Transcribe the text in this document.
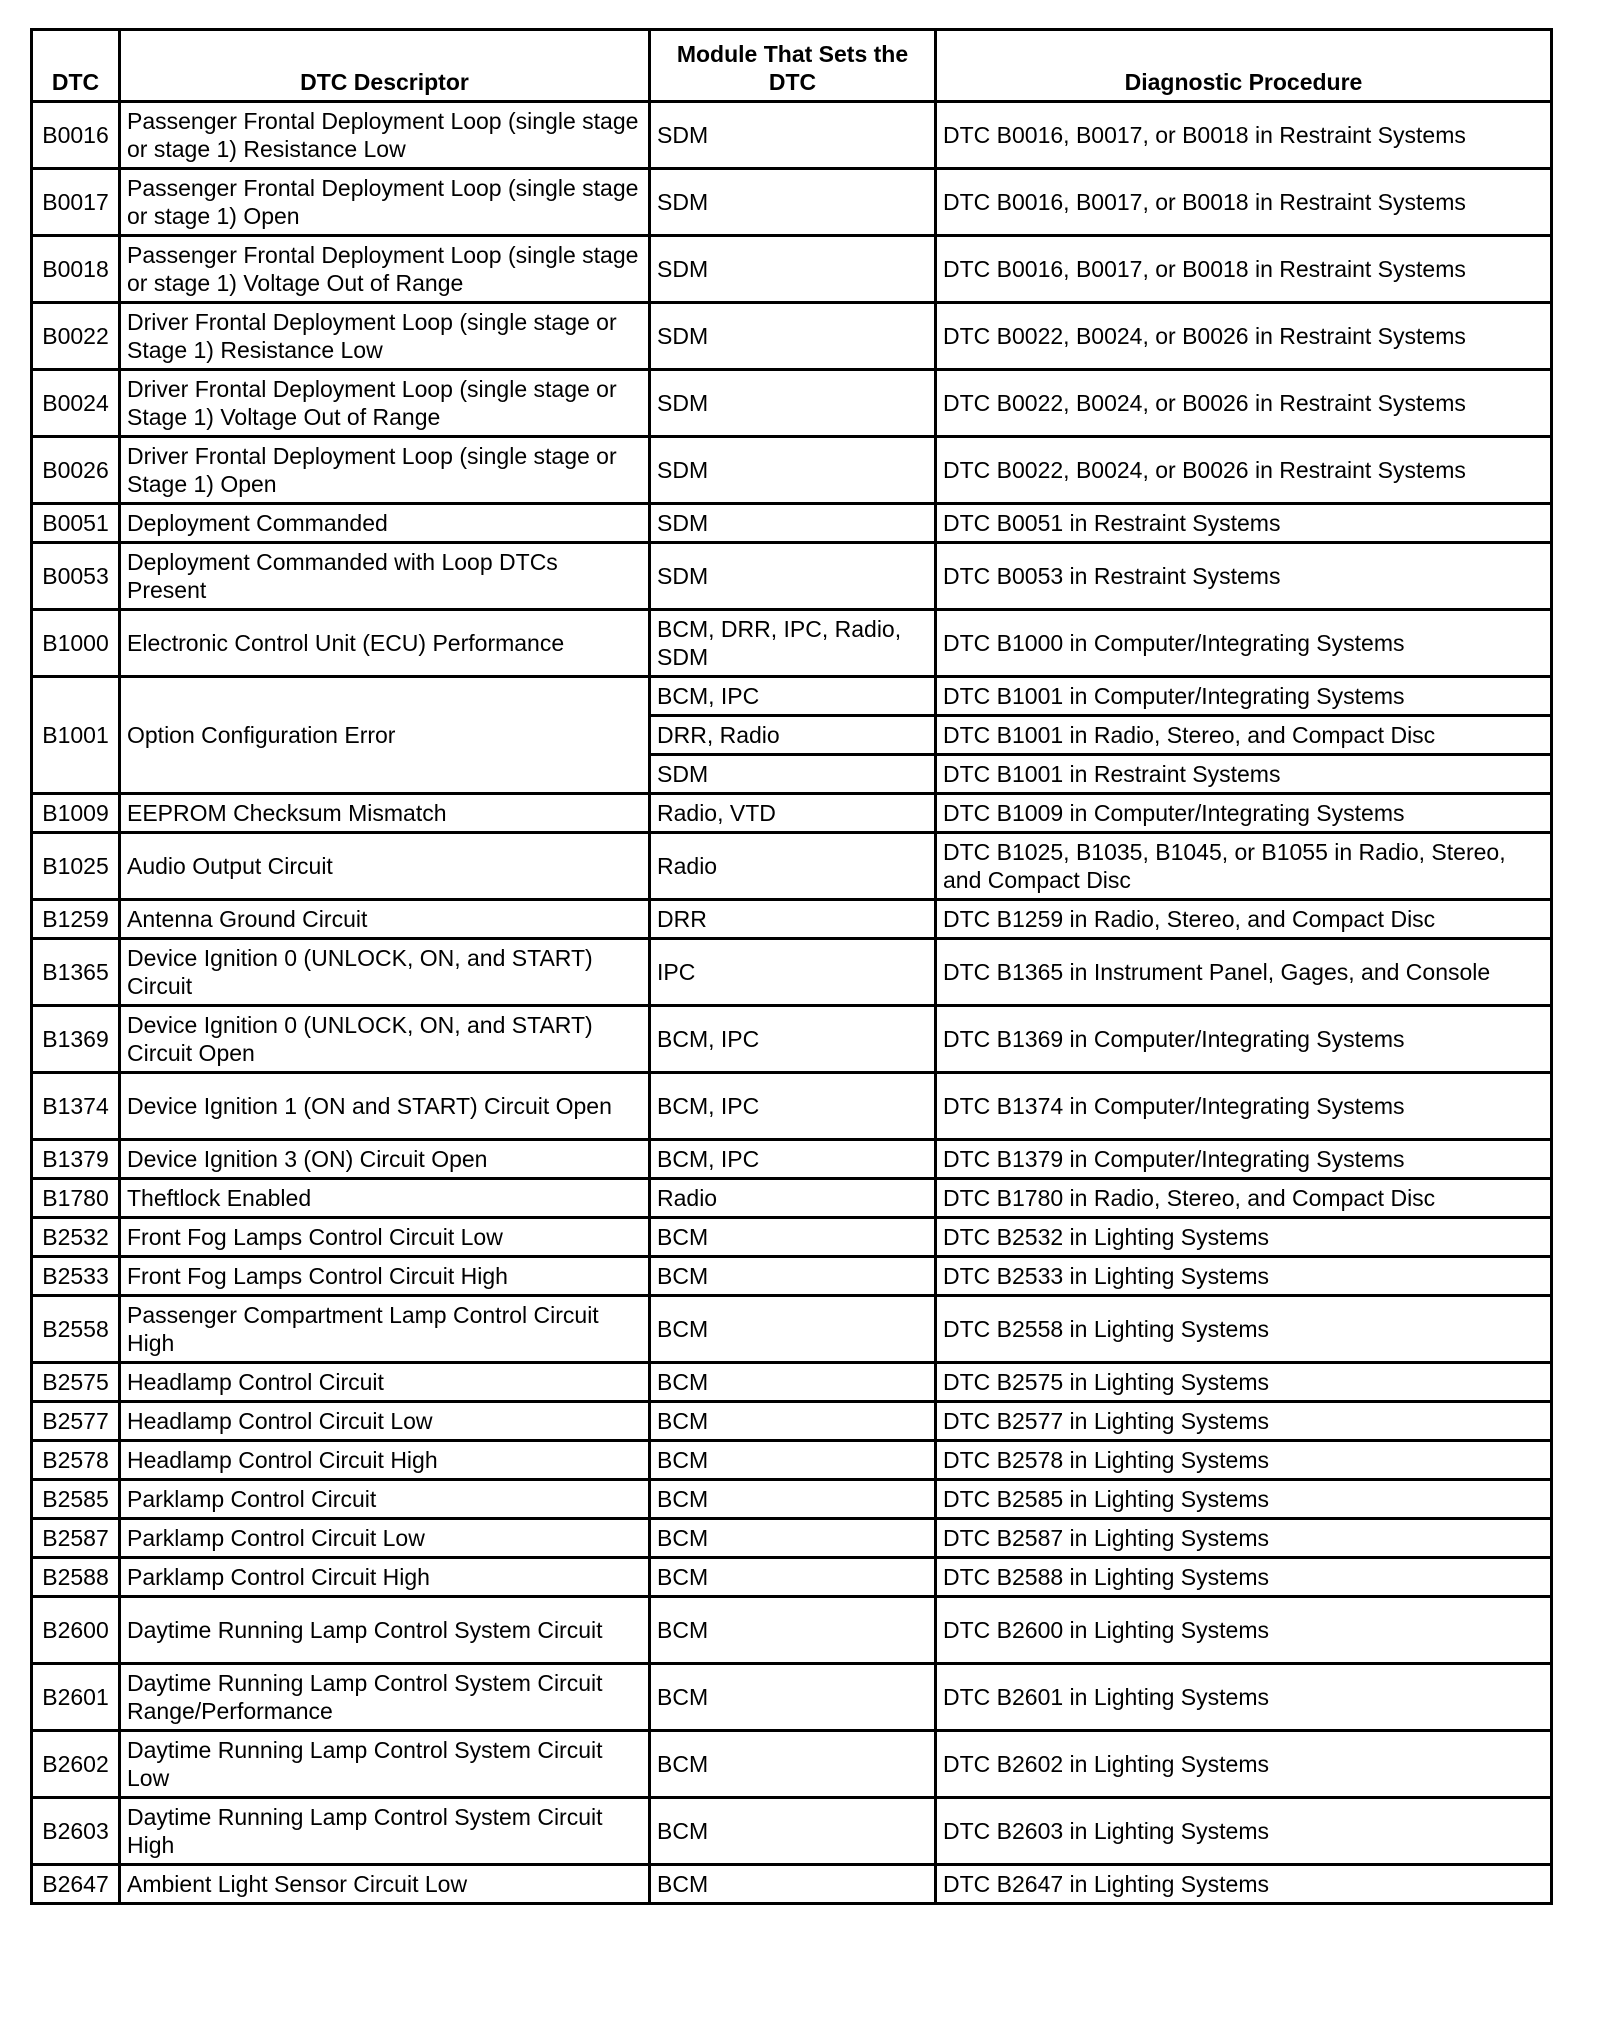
DTC	DTC Descriptor	Module That Sets the DTC	Diagnostic Procedure
B0016	Passenger Frontal Deployment Loop (single stage or stage 1) Resistance Low	SDM	DTC B0016, B0017, or B0018 in Restraint Systems
B0017	Passenger Frontal Deployment Loop (single stage or stage 1) Open	SDM	DTC B0016, B0017, or B0018 in Restraint Systems
B0018	Passenger Frontal Deployment Loop (single stage or stage 1) Voltage Out of Range	SDM	DTC B0016, B0017, or B0018 in Restraint Systems
B0022	Driver Frontal Deployment Loop (single stage or Stage 1) Resistance Low	SDM	DTC B0022, B0024, or B0026 in Restraint Systems
B0024	Driver Frontal Deployment Loop (single stage or Stage 1) Voltage Out of Range	SDM	DTC B0022, B0024, or B0026 in Restraint Systems
B0026	Driver Frontal Deployment Loop (single stage or Stage 1) Open	SDM	DTC B0022, B0024, or B0026 in Restraint Systems
B0051	Deployment Commanded	SDM	DTC B0051 in Restraint Systems
B0053	Deployment Commanded with Loop DTCs Present	SDM	DTC B0053 in Restraint Systems
B1000	Electronic Control Unit (ECU) Performance	BCM, DRR, IPC, Radio, SDM	DTC B1000 in Computer/Integrating Systems
B1001	Option Configuration Error	BCM, IPC	DTC B1001 in Computer/Integrating Systems
		DRR, Radio	DTC B1001 in Radio, Stereo, and Compact Disc
		SDM	DTC B1001 in Restraint Systems
B1009	EEPROM Checksum Mismatch	Radio, VTD	DTC B1009 in Computer/Integrating Systems
B1025	Audio Output Circuit	Radio	DTC B1025, B1035, B1045, or B1055 in Radio, Stereo, and Compact Disc
B1259	Antenna Ground Circuit	DRR	DTC B1259 in Radio, Stereo, and Compact Disc
B1365	Device Ignition 0 (UNLOCK, ON, and START) Circuit	IPC	DTC B1365 in Instrument Panel, Gages, and Console
B1369	Device Ignition 0 (UNLOCK, ON, and START) Circuit Open	BCM, IPC	DTC B1369 in Computer/Integrating Systems
B1374	Device Ignition 1 (ON and START) Circuit Open	BCM, IPC	DTC B1374 in Computer/Integrating Systems
B1379	Device Ignition 3 (ON) Circuit Open	BCM, IPC	DTC B1379 in Computer/Integrating Systems
B1780	Theftlock Enabled	Radio	DTC B1780 in Radio, Stereo, and Compact Disc
B2532	Front Fog Lamps Control Circuit Low	BCM	DTC B2532 in Lighting Systems
B2533	Front Fog Lamps Control Circuit High	BCM	DTC B2533 in Lighting Systems
B2558	Passenger Compartment Lamp Control Circuit High	BCM	DTC B2558 in Lighting Systems
B2575	Headlamp Control Circuit	BCM	DTC B2575 in Lighting Systems
B2577	Headlamp Control Circuit Low	BCM	DTC B2577 in Lighting Systems
B2578	Headlamp Control Circuit High	BCM	DTC B2578 in Lighting Systems
B2585	Parklamp Control Circuit	BCM	DTC B2585 in Lighting Systems
B2587	Parklamp Control Circuit Low	BCM	DTC B2587 in Lighting Systems
B2588	Parklamp Control Circuit High	BCM	DTC B2588 in Lighting Systems
B2600	Daytime Running Lamp Control System Circuit	BCM	DTC B2600 in Lighting Systems
B2601	Daytime Running Lamp Control System Circuit Range/Performance	BCM	DTC B2601 in Lighting Systems
B2602	Daytime Running Lamp Control System Circuit Low	BCM	DTC B2602 in Lighting Systems
B2603	Daytime Running Lamp Control System Circuit High	BCM	DTC B2603 in Lighting Systems
B2647	Ambient Light Sensor Circuit Low	BCM	DTC B2647 in Lighting Systems
